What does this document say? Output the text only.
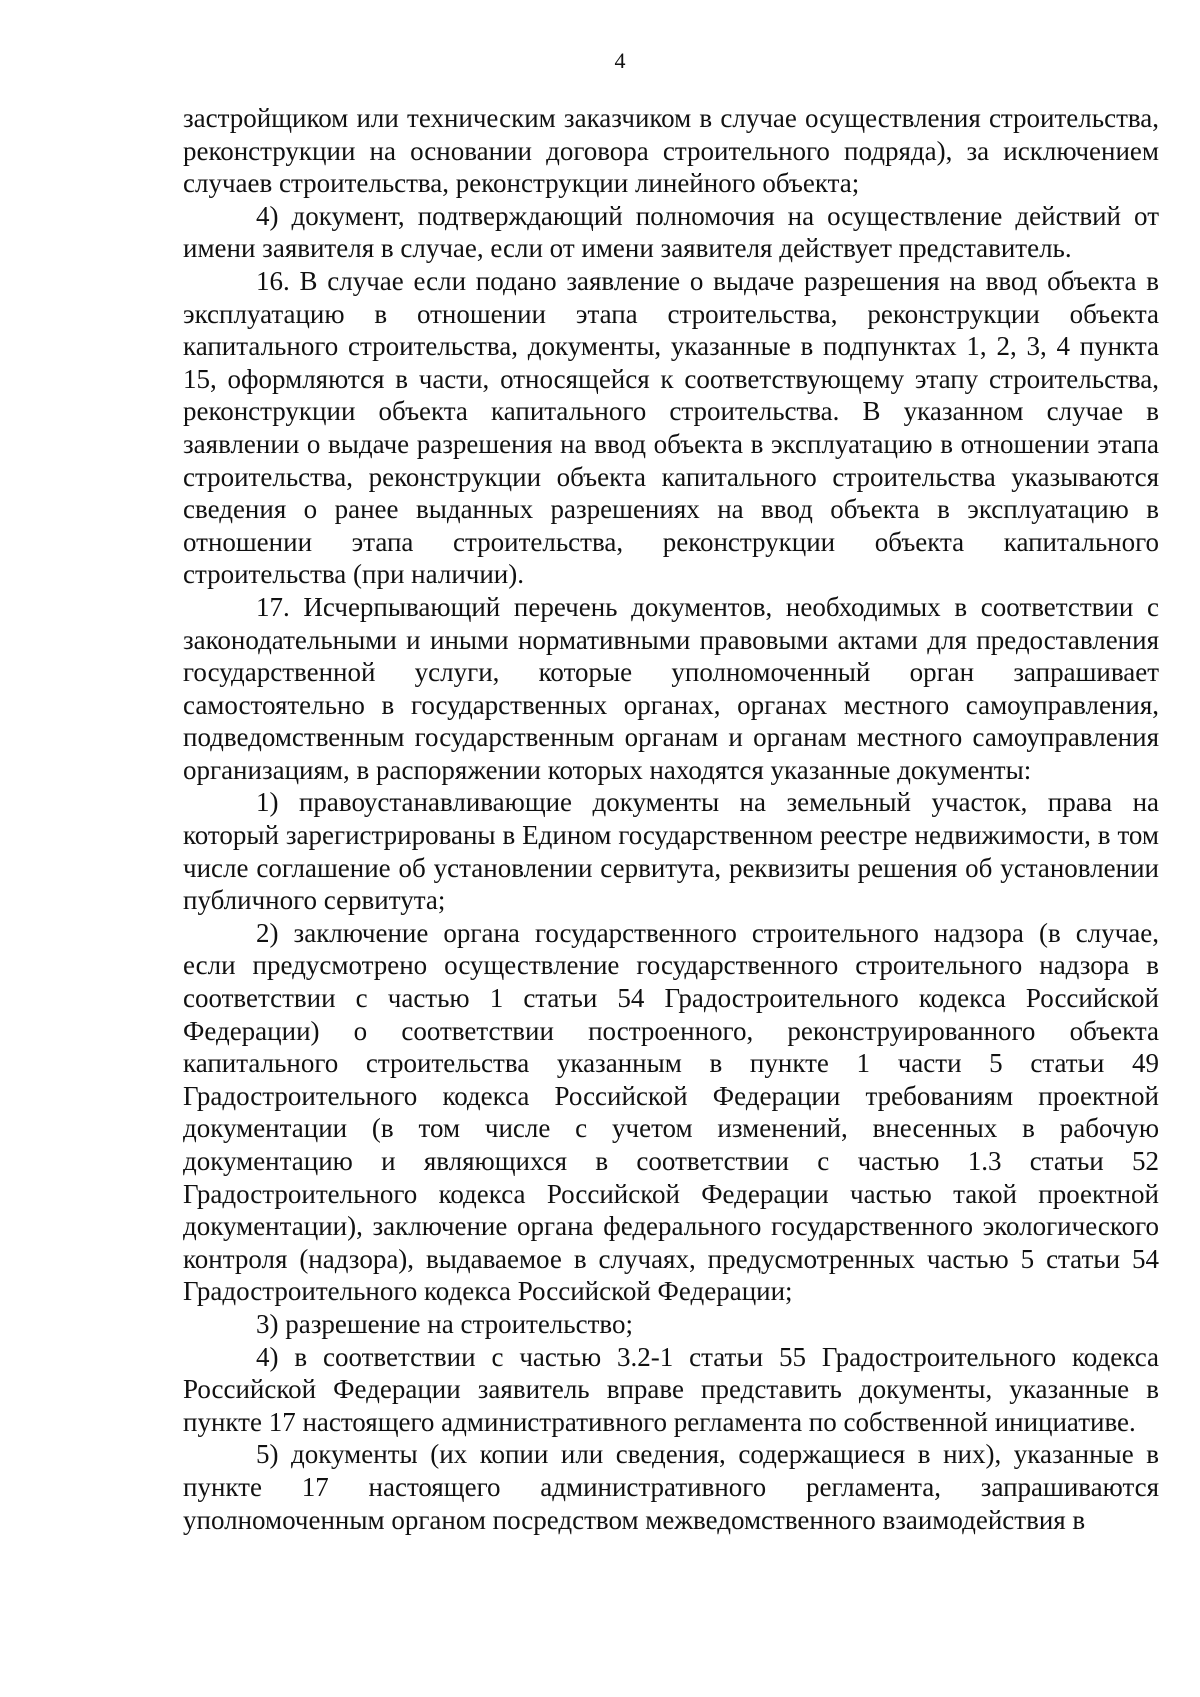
4

застройщиком или техническим заказчиком в случае осуществления строительства, реконструкции на основании договора строительного подряда), за исключением случаев строительства, реконструкции линейного объекта;

4) документ, подтверждающий полномочия на осуществление действий от имени заявителя в случае, если от имени заявителя действует представитель.

16. В случае если подано заявление о выдаче разрешения на ввод объекта в эксплуатацию в отношении этапа строительства, реконструкции объекта капитального строительства, документы, указанные в подпунктах 1, 2, 3, 4 пункта 15, оформляются в части, относящейся к соответствующему этапу строительства, реконструкции объекта капитального строительства. В указанном случае в заявлении о выдаче разрешения на ввод объекта в эксплуатацию в отношении этапа строительства, реконструкции объекта капитального строительства указываются сведения о ранее выданных разрешениях на ввод объекта в эксплуатацию в отношении этапа строительства, реконструкции объекта капитального строительства (при наличии).

17. Исчерпывающий перечень документов, необходимых в соответствии с законодательными и иными нормативными правовыми актами для предоставления государственной услуги, которые уполномоченный орган запрашивает самостоятельно в государственных органах, органах местного самоуправления, подведомственным государственным органам и органам местного самоуправления организациям, в распоряжении которых находятся указанные документы:

1) правоустанавливающие документы на земельный участок, права на который зарегистрированы в Едином государственном реестре недвижимости, в том числе соглашение об установлении сервитута, реквизиты решения об установлении публичного сервитута;

2) заключение органа государственного строительного надзора (в случае, если предусмотрено осуществление государственного строительного надзора в соответствии с частью 1 статьи 54 Градостроительного кодекса Российской Федерации) о соответствии построенного, реконструированного объекта капитального строительства указанным в пункте 1 части 5 статьи 49 Градостроительного кодекса Российской Федерации требованиям проектной документации (в том числе с учетом изменений, внесенных в рабочую документацию и являющихся в соответствии с частью 1.3 статьи 52 Градостроительного кодекса Российской Федерации частью такой проектной документации), заключение органа федерального государственного экологического контроля (надзора), выдаваемое в случаях, предусмотренных частью 5 статьи 54 Градостроительного кодекса Российской Федерации;

3) разрешение на строительство;

4) в соответствии с частью 3.2-1 статьи 55 Градостроительного кодекса Российской Федерации заявитель вправе представить документы, указанные в пункте 17 настоящего административного регламента по собственной инициативе.

5) документы (их копии или сведения, содержащиеся в них), указанные в пункте 17 настоящего административного регламента, запрашиваются уполномоченным органом посредством межведомственного взаимодействия в
